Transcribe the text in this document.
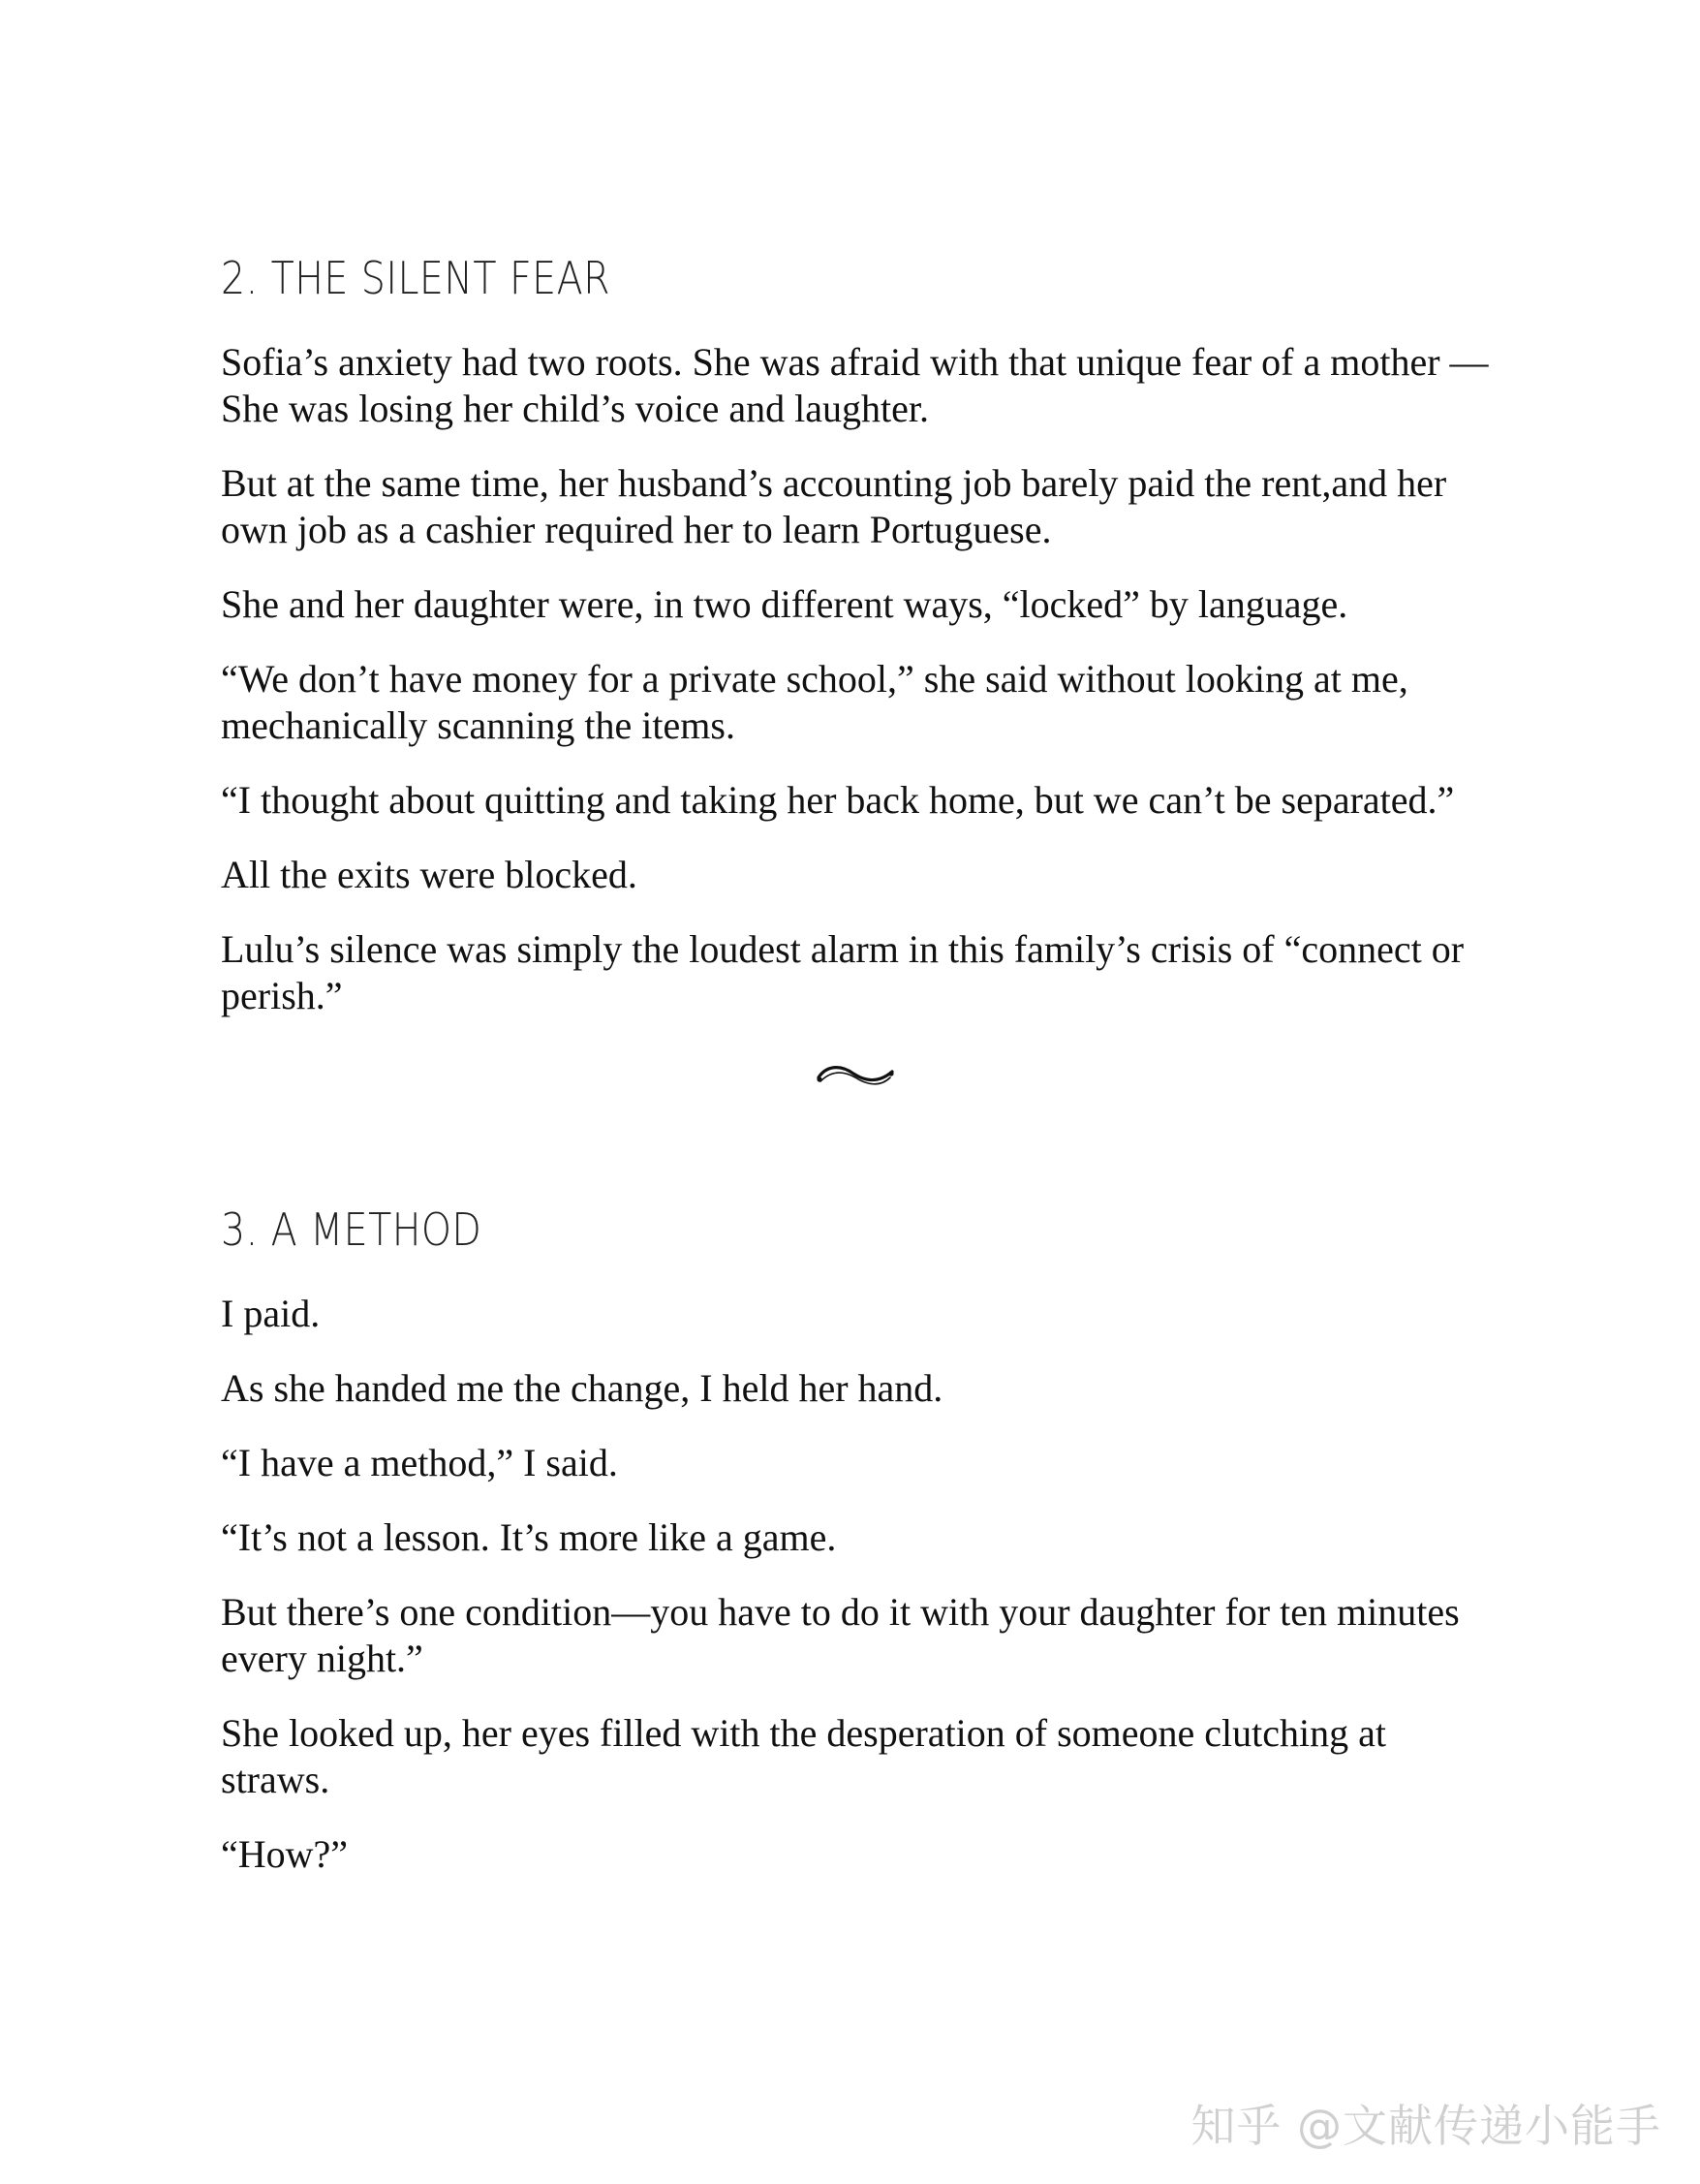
2. THE SILENT FEAR

Sofia’s anxiety had two roots. She was afraid with that unique fear of a mother — She was losing her child’s voice and laughter.

But at the same time, her husband’s accounting job barely paid the rent,and her own job as a cashier required her to learn Portuguese.

She and her daughter were, in two different ways, “locked” by language.

“We don’t have money for a private school,” she said without looking at me, mechanically scanning the items.

“I thought about quitting and taking her back home, but we can’t be separated.”

All the exits were blocked.

Lulu’s silence was simply the loudest alarm in this family’s crisis of “connect or perish.”

3. A METHOD

I paid.

As she handed me the change, I held her hand.

“I have a method,” I said.

“It’s not a lesson. It’s more like a game.

But there’s one condition—you have to do it with your daughter for ten minutes every night.”

She looked up, her eyes filled with the desperation of someone clutching at straws.

“How?”

知乎 @文献传递小能手
